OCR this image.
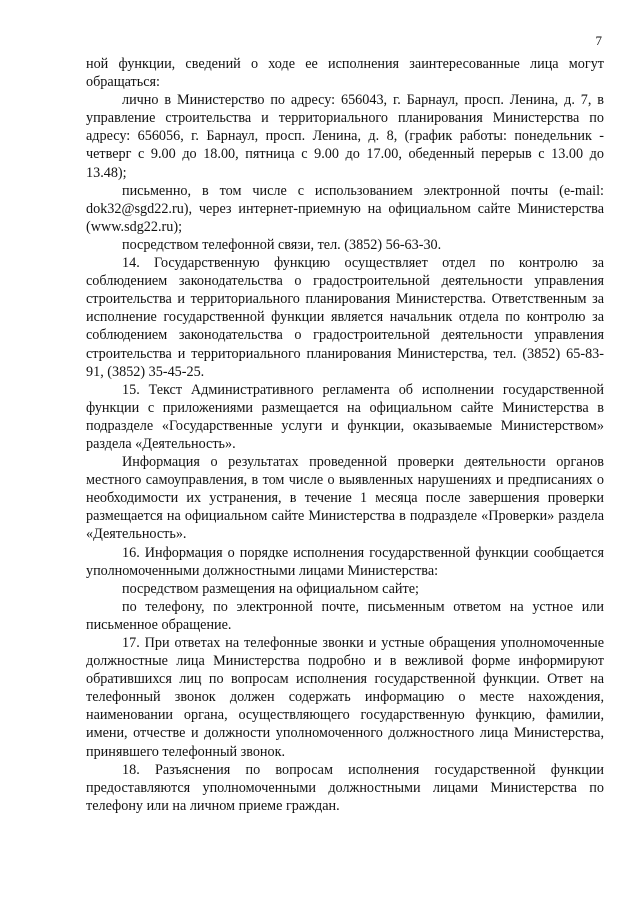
7

ной функции, сведений о ходе ее исполнения заинтересованные лица могут обращаться:

лично в Министерство по адресу: 656043, г. Барнаул, просп. Ленина, д. 7, в управление строительства и территориального планирования Министерства по адресу: 656056, г. Барнаул, просп. Ленина, д. 8, (график работы: понедельник - четверг с 9.00 до 18.00, пятница с 9.00 до 17.00, обеденный перерыв с 13.00 до 13.48);

письменно, в том числе с использованием электронной почты (e-mail: dok32@sgd22.ru), через интернет-приемную на официальном сайте Министерства (www.sdg22.ru);

посредством телефонной связи, тел. (3852) 56-63-30.

14. Государственную функцию осуществляет отдел по контролю за соблюдением законодательства о градостроительной деятельности управления строительства и территориального планирования Министерства. Ответственным за исполнение государственной функции является начальник отдела по контролю за соблюдением законодательства о градостроительной деятельности управления строительства и территориального планирования Министерства, тел. (3852) 65-83-91, (3852) 35-45-25.

15. Текст Административного регламента об исполнении государственной функции с приложениями размещается на официальном сайте Министерства в подразделе «Государственные услуги и функции, оказываемые Министерством» раздела «Деятельность».

Информация о результатах проведенной проверки деятельности органов местного самоуправления, в том числе о выявленных нарушениях и предписаниях о необходимости их устранения, в течение 1 месяца после завершения проверки размещается на официальном сайте Министерства в подразделе «Проверки» раздела «Деятельность».

16. Информация о порядке исполнения государственной функции сообщается уполномоченными должностными лицами Министерства:

посредством размещения на официальном сайте;

по телефону, по электронной почте, письменным ответом на устное или письменное обращение.

17. При ответах на телефонные звонки и устные обращения уполномоченные должностные лица Министерства подробно и в вежливой форме информируют обратившихся лиц по вопросам исполнения государственной функции. Ответ на телефонный звонок должен содержать информацию о месте нахождения, наименовании органа, осуществляющего государственную функцию, фамилии, имени, отчестве и должности уполномоченного должностного лица Министерства, принявшего телефонный звонок.

18. Разъяснения по вопросам исполнения государственной функции предоставляются уполномоченными должностными лицами Министерства по телефону или на личном приеме граждан.
